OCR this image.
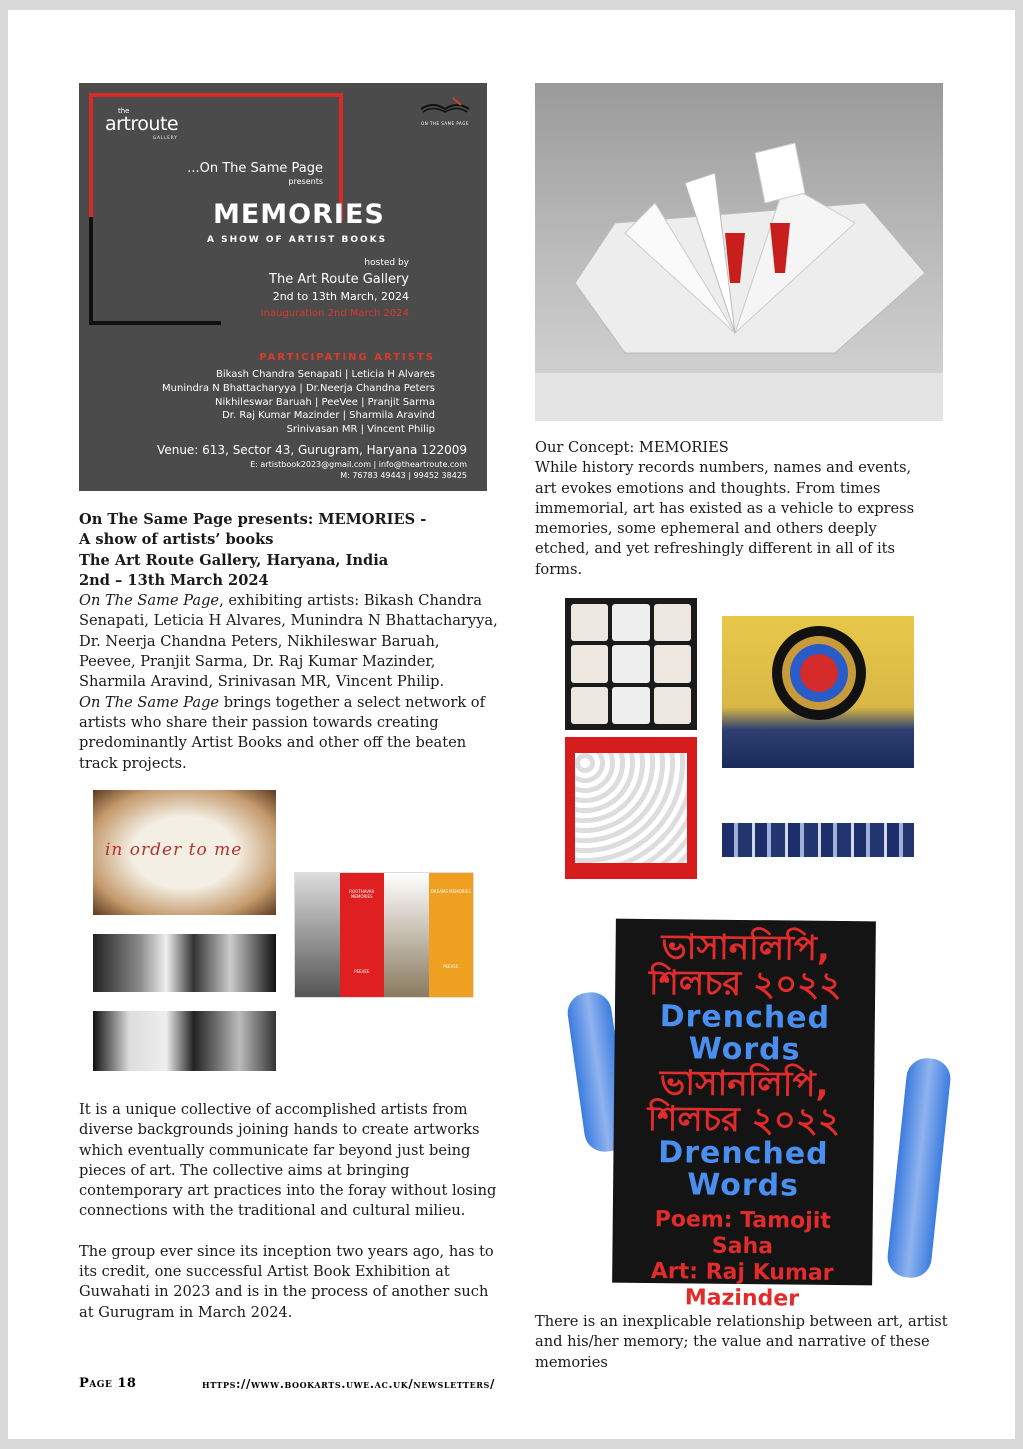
the
artroute
GALLERY
ON THE SAME PAGE
...On The Same Page
presents
MEMORIES
A SHOW OF ARTIST BOOKS
hosted by
The Art Route Gallery
2nd to 13th March, 2024
Inauguration 2nd March 2024
PARTICIPATING ARTISTS
Bikash Chandra Senapati | Leticia H Alvares
Munindra N Bhattacharyya | Dr.Neerja Chandna Peters
Nikhileswar Baruah | PeeVee | Pranjit Sarma
Dr. Raj Kumar Mazinder | Sharmila Aravind
Srinivasan MR | Vincent Philip
Venue: 613, Sector 43, Gurugram, Haryana 122009
E: artistbook2023@gmail.com | info@theartroute.com
M: 76783 49443 | 99452 38425
On The Same Page presents: MEMORIES -
A show of artists’ books
The Art Route Gallery, Haryana, India
2nd – 13th March 2024
On The Same Page, exhibiting artists: Bikash Chandra Senapati, Leticia H Alvares, Munindra N Bhattacharyya, Dr. Neerja Chandna Peters, Nikhileswar Baruah, Peevee, Pranjit Sarma, Dr. Raj Kumar Mazinder, Sharmila Aravind, Srinivasan MR, Vincent Philip.
On The Same Page brings together a select network of artists who share their passion towards creating predominantly Artist Books and other off the beaten track projects.
Our Concept: MEMORIES
While history records numbers, names and events, art evokes emotions and thoughts. From times immemorial, art has existed as a vehicle to express memories, some ephemeral and others deeply etched, and yet refreshingly different in all of its forms.
in order to me
ROOTHAVAR MEMORIES
PEEVEE
DREAMS MEMORIES
PEEVEE	ভাসানলিপি,
শিলচর ২০২২
Drenched
Words
ভাসানলিপি,
শিলচর ২০২২
Drenched
Words
Poem: Tamojit
Saha
Art: Raj Kumar
Mazinder
It is a unique collective of accomplished artists from diverse backgrounds joining hands to create artworks which eventually communicate far beyond just being pieces of art. The collective aims at bringing contemporary art practices into the foray without losing connections with the traditional and cultural milieu.
The group ever since its inception two years ago, has to its credit, one successful Artist Book Exhibition at Guwahati in 2023 and is in the process of another such at Gurugram in March 2024.
There is an inexplicable relationship between art, artist and his/her memory; the value and narrative of these memories
Page 18	https://www.bookarts.uwe.ac.uk/newsletters/
